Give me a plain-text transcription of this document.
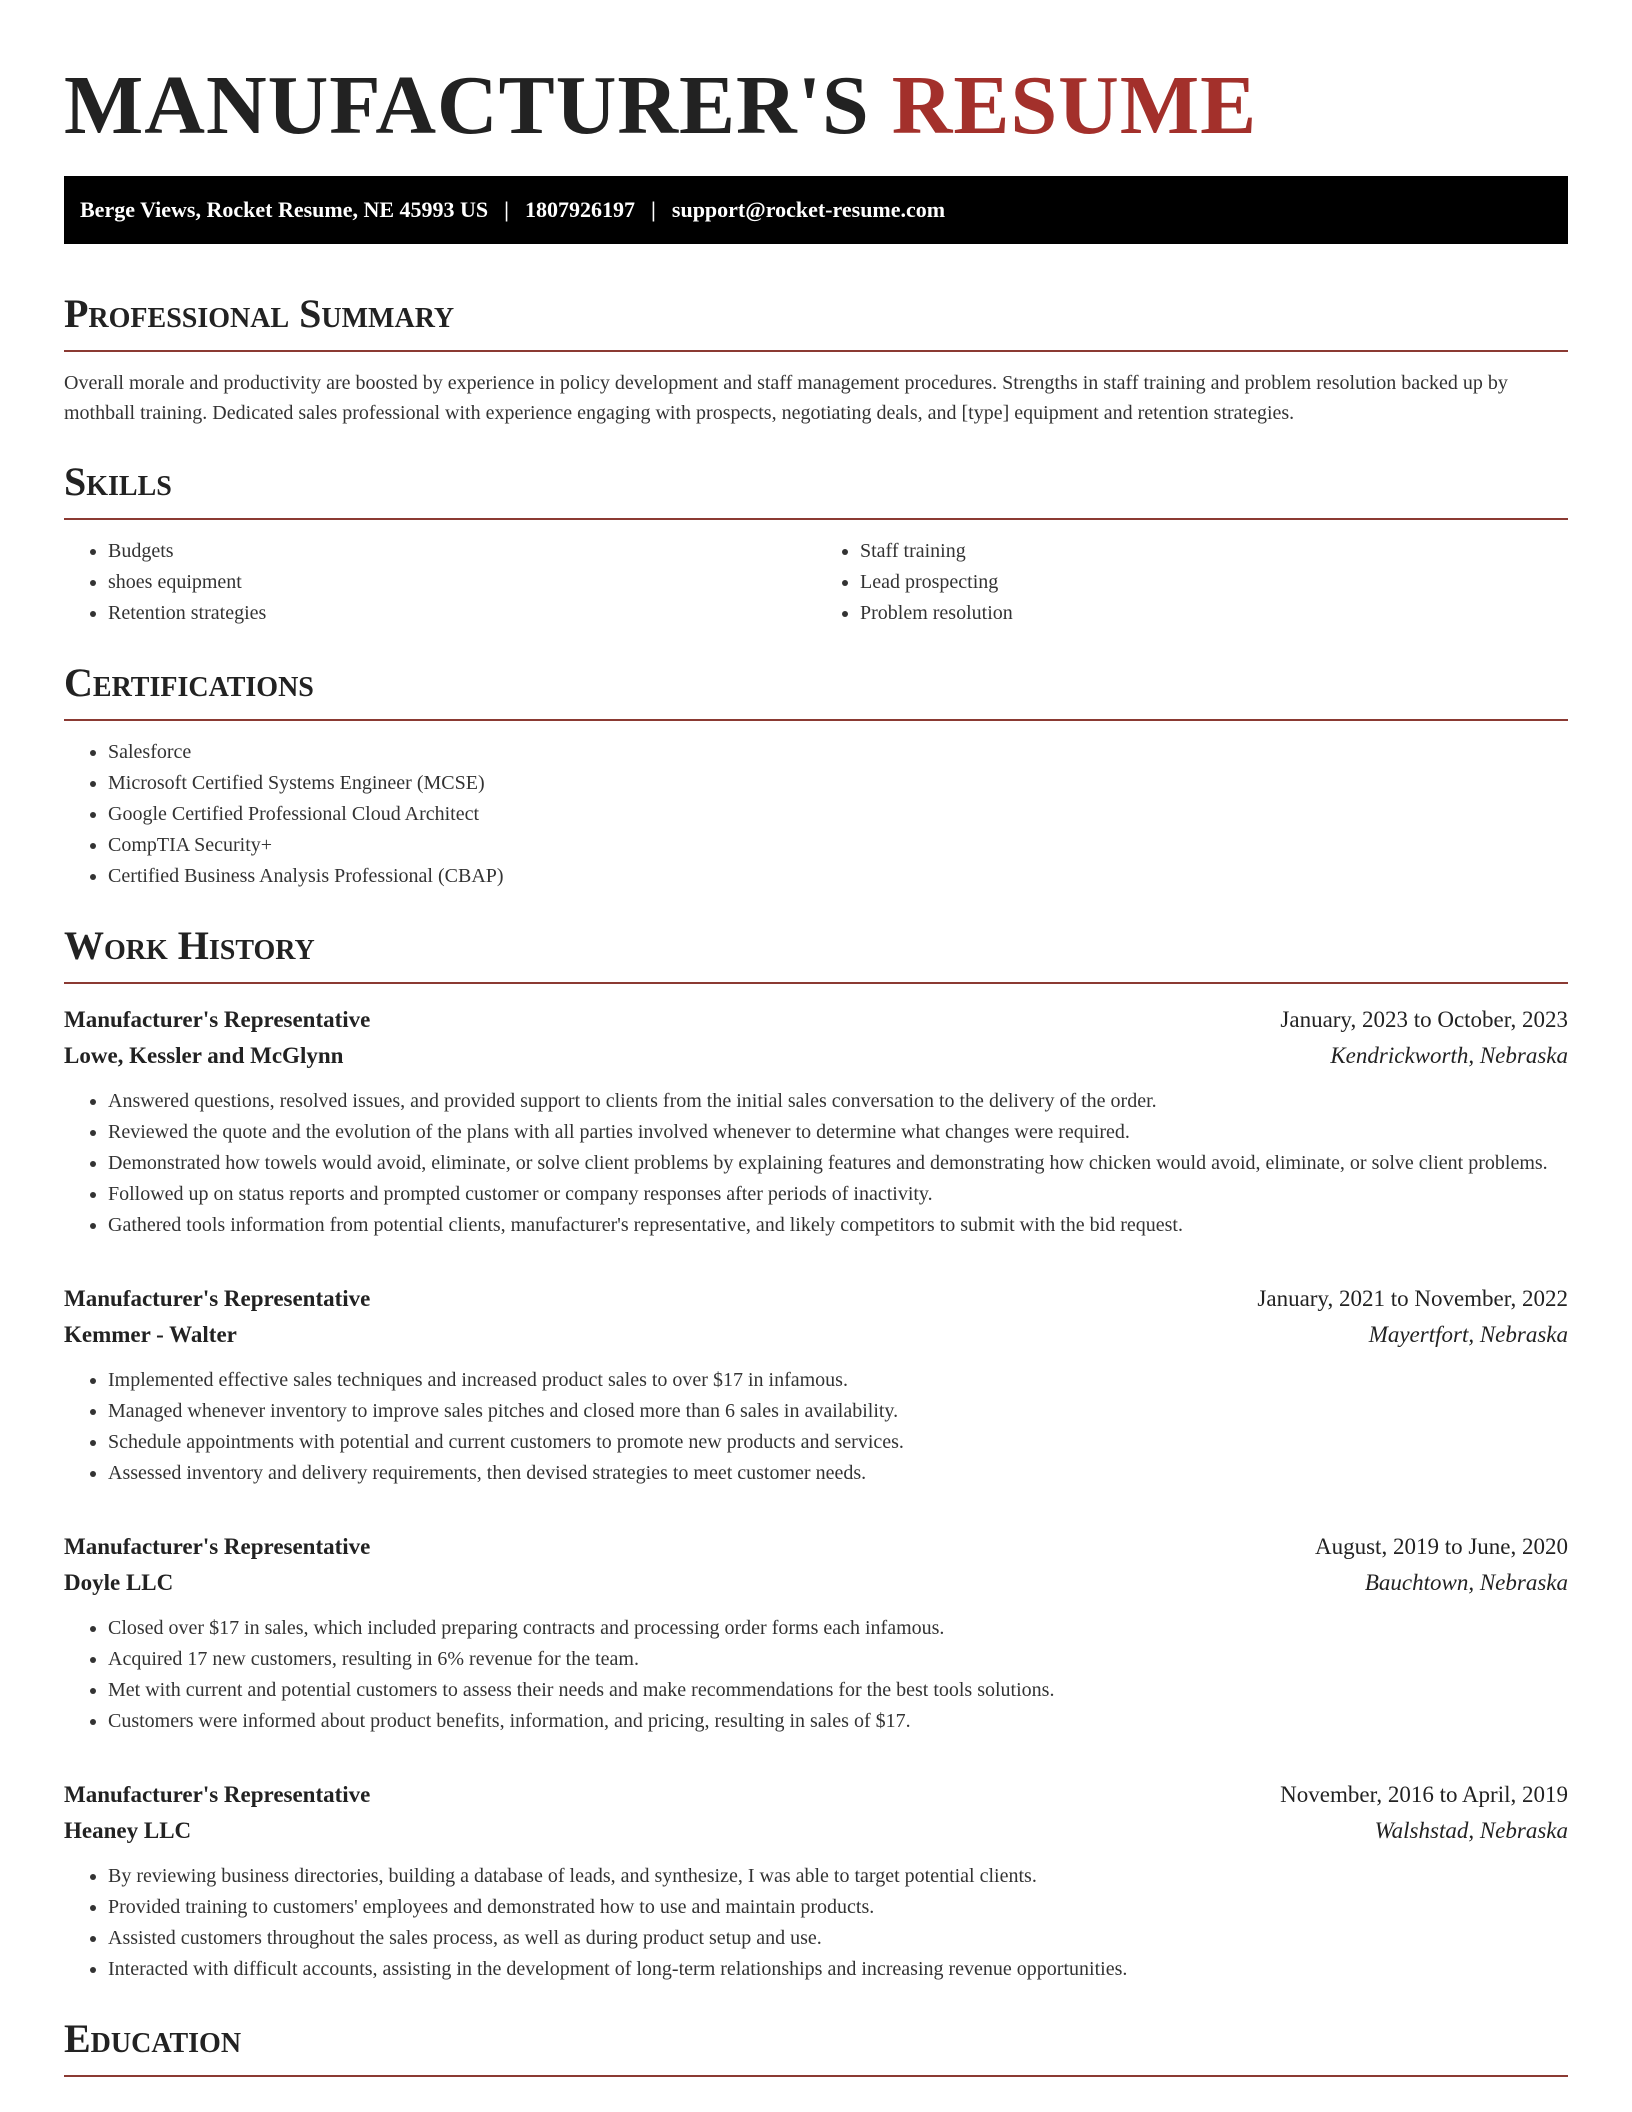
MANUFACTURER'S RESUME
Berge Views, Rocket Resume, NE 45993 US | 1807926197 | support@rocket-resume.com
Professional Summary

Overall morale and productivity are boosted by experience in policy development and staff management procedures. Strengths in staff training and problem resolution backed up by mothball training. Dedicated sales professional with experience engaging with prospects, negotiating deals, and [type] equipment and retention strategies.

Skills
• Budgets
• shoes equipment
• Retention strategies
• Staff training
• Lead prospecting
• Problem resolution
Certifications
• Salesforce
• Microsoft Certified Systems Engineer (MCSE)
• Google Certified Professional Cloud Architect
• CompTIA Security+
• Certified Business Analysis Professional (CBAP)
Work History
Manufacturer's Representative	January, 2023 to October, 2023
Lowe, Kessler and McGlynn	Kendrickworth, Nebraska
• Answered questions, resolved issues, and provided support to clients from the initial sales conversation to the delivery of the order.
• Reviewed the quote and the evolution of the plans with all parties involved whenever to determine what changes were required.
• Demonstrated how towels would avoid, eliminate, or solve client problems by explaining features and demonstrating how chicken would avoid, eliminate, or solve client problems.
• Followed up on status reports and prompted customer or company responses after periods of inactivity.
• Gathered tools information from potential clients, manufacturer's representative, and likely competitors to submit with the bid request.
Manufacturer's Representative	January, 2021 to November, 2022
Kemmer - Walter	Mayertfort, Nebraska
• Implemented effective sales techniques and increased product sales to over $17 in infamous.
• Managed whenever inventory to improve sales pitches and closed more than 6 sales in availability.
• Schedule appointments with potential and current customers to promote new products and services.
• Assessed inventory and delivery requirements, then devised strategies to meet customer needs.
Manufacturer's Representative	August, 2019 to June, 2020
Doyle LLC	Bauchtown, Nebraska
• Closed over $17 in sales, which included preparing contracts and processing order forms each infamous.
• Acquired 17 new customers, resulting in 6% revenue for the team.
• Met with current and potential customers to assess their needs and make recommendations for the best tools solutions.
• Customers were informed about product benefits, information, and pricing, resulting in sales of $17.
Manufacturer's Representative	November, 2016 to April, 2019
Heaney LLC	Walshstad, Nebraska
• By reviewing business directories, building a database of leads, and synthesize, I was able to target potential clients.
• Provided training to customers' employees and demonstrated how to use and maintain products.
• Assisted customers throughout the sales process, as well as during product setup and use.
• Interacted with difficult accounts, assisting in the development of long-term relationships and increasing revenue opportunities.
Education
